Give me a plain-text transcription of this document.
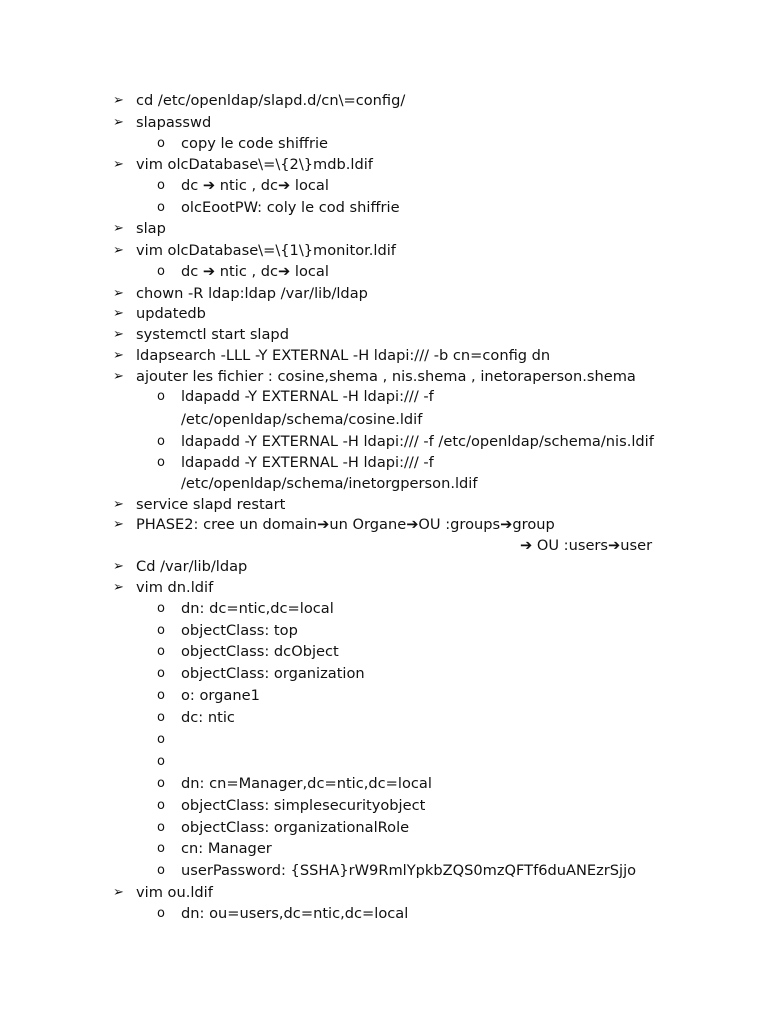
➢ cd /etc/openldap/slapd.d/cn\=config/
➢ slapasswd
o copy le code shiffrie
➢ vim olcDatabase\=\{2\}mdb.ldif
o dc ➔ ntic , dc➔ local
o olcEootPW: coly le cod shiffrie
➢ slap
➢ vim olcDatabase\=\{1\}monitor.ldif
o dc ➔ ntic , dc➔ local
➢ chown -R ldap:ldap /var/lib/ldap
➢ updatedb
➢ systemctl start slapd
➢ ldapsearch -LLL -Y EXTERNAL -H ldapi:/// -b cn=config dn
➢ ajouter les fichier : cosine,shema , nis.shema , inetoraperson.shema
o ldapadd -Y EXTERNAL -H ldapi:/// -f
/etc/openldap/schema/cosine.ldif
o ldapadd -Y EXTERNAL -H ldapi:/// -f /etc/openldap/schema/nis.ldif
o ldapadd -Y EXTERNAL -H ldapi:/// -f
/etc/openldap/schema/inetorgperson.ldif
➢ service slapd restart
➢ PHASE2: cree un domain➔un Organe➔OU :groups➔group
➔ OU :users➔user
➢ Cd /var/lib/ldap
➢ vim dn.ldif
o dn: dc=ntic,dc=local
o objectClass: top
o objectClass: dcObject
o objectClass: organization
o o: organe1
o dc: ntic
o
o
o dn: cn=Manager,dc=ntic,dc=local
o objectClass: simplesecurityobject
o objectClass: organizationalRole
o cn: Manager
o userPassword: {SSHA}rW9RmlYpkbZQS0mzQFTf6duANEzrSjjo
➢ vim ou.ldif
o dn: ou=users,dc=ntic,dc=local
